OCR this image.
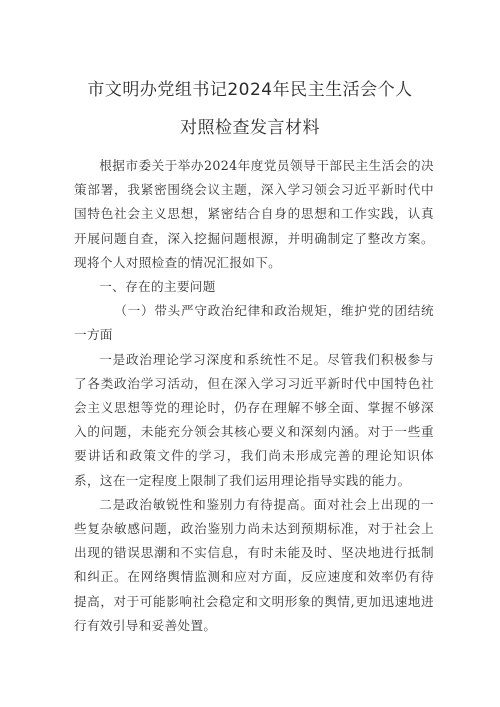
市文明办党组书记2024年民主生活会个人
对照检查发言材料

根据市委关于举办2024年度党员领导干部民主生活会的决策部署，我紧密围绕会议主题，深入学习领会习近平新时代中国特色社会主义思想，紧密结合自身的思想和工作实践，认真开展问题自查，深入挖掘问题根源，并明确制定了整改方案。现将个人对照检查的情况汇报如下。

一、存在的主要问题

（一）带头严守政治纪律和政治规矩，维护党的团结统一方面

一是政治理论学习深度和系统性不足。尽管我们积极参与了各类政治学习活动，但在深入学习习近平新时代中国特色社会主义思想等党的理论时，仍存在理解不够全面、掌握不够深入的问题，未能充分领会其核心要义和深刻内涵。对于一些重要讲话和政策文件的学习，我们尚未形成完善的理论知识体系，这在一定程度上限制了我们运用理论指导实践的能力。

二是政治敏锐性和鉴别力有待提高。面对社会上出现的一些复杂敏感问题，政治鉴别力尚未达到预期标准，对于社会上出现的错误思潮和不实信息，有时未能及时、坚决地进行抵制和纠正。在网络舆情监测和应对方面，反应速度和效率仍有待提高，对于可能影响社会稳定和文明形象的舆情,更加迅速地进行有效引导和妥善处置。
